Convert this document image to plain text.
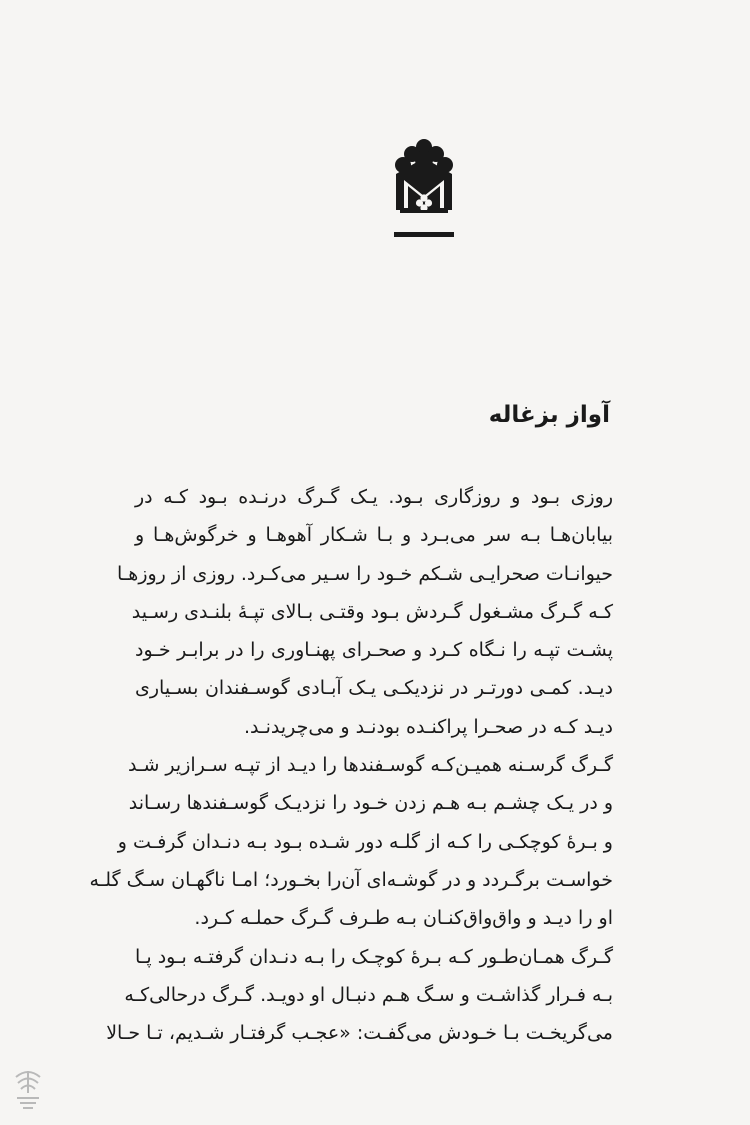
آواز بزغاله
روزی بـود و روزگاری بـود. یـک گـرگ درنـده بـود کـه در
بیابان‌هـا بـه سر می‌بـرد و بـا شـکار آهوهـا و خرگوش‌هـا و
حیوانـات صحرایـی شـکم خـود را سـیر می‌کـرد. روزی از روزهـا
کـه گـرگ مشـغول گـردش بـود وقتـی بـالای تپـهٔ بلنـدی رسـید
پشـت تپـه را نـگاه کـرد و صحـرای پهنـاوری را در برابـر خـود
دیـد. کمـی دورتـر در نزدیکـی یـک آبـادی گوسـفندان بسـیاری
دیـد کـه در صحـرا پراکنـده بودنـد و می‌چریدنـد.
گـرگ گرسـنه همیـن‌کـه گوسـفندها را دیـد از تپـه سـرازیر شـد
و در یـک چشـم بـه هـم زدن خـود را نزدیـک گوسـفندها رسـاند
و بـرهٔ کوچکـی را کـه از گلـه دور شـده بـود بـه دنـدان گرفـت و
خواسـت برگـردد و در گوشـه‌ای آن‌را بخـورد؛ امـا ناگهـان سـگ گلـه
او را دیـد و واق‌واق‌کنـان بـه طـرف گـرگ حملـه کـرد.
گـرگ همـان‌طـور کـه بـرهٔ کوچـک را بـه دنـدان گرفتـه بـود پـا
بـه فـرار گذاشـت و سـگ هـم دنبـال او دویـد. گـرگ درحالی‌کـه
می‌گریخـت بـا خـودش می‌گفـت: «عجـب گرفتـار شـدیم، تـا حـالا
